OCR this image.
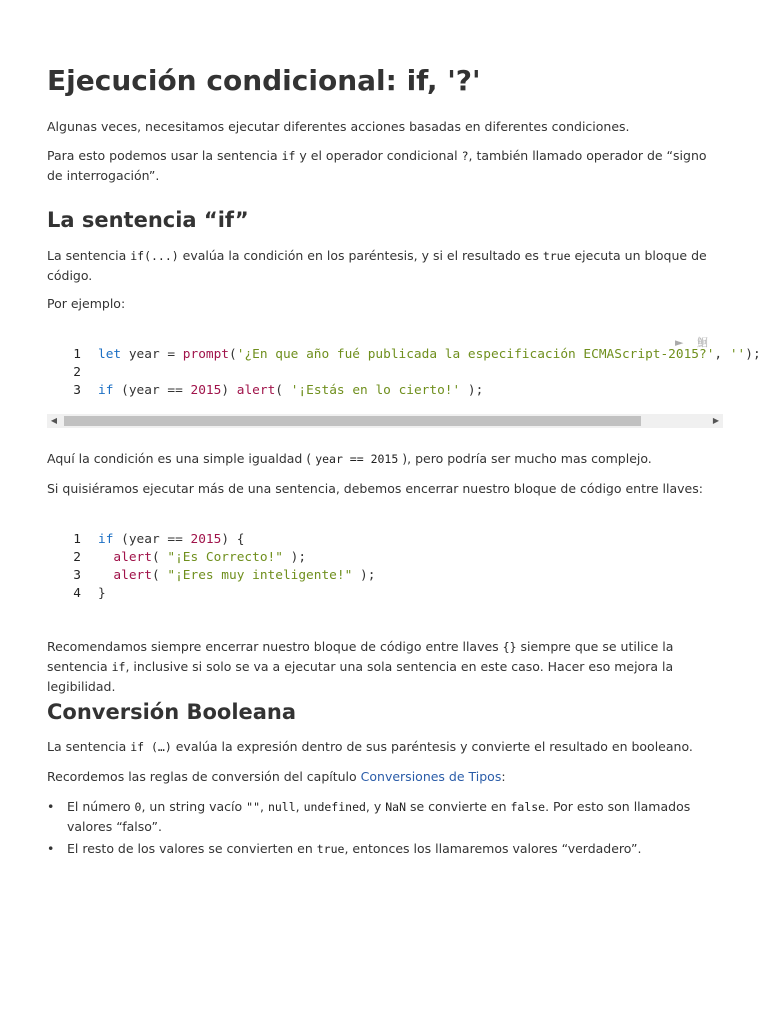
Ejecución condicional: if, '?'

Algunas veces, necesitamos ejecutar diferentes acciones basadas en diferentes condiciones.

Para esto podemos usar la sentencia if y el operador condicional ?, también llamado operador de “signo de interrogación”.

La sentencia “if”

La sentencia if(...) evalúa la condición en los paréntesis, y si el resultado es true ejecuta un bloque de código.

Por ejemplo:

► 鮰
1 let year = prompt('¿En que año fué publicada la especificación ECMAScript-2015?', '');
2
3 if (year == 2015) alert( '¡Estás en lo cierto!' );
◀	▶

Aquí la condición es una simple igualdad ( year == 2015 ), pero podría ser mucho mas complejo.

Si quisiéramos ejecutar más de una sentencia, debemos encerrar nuestro bloque de código entre llaves:

1 if (year == 2015) {
2	alert( "¡Es Correcto!" );
3	alert( "¡Eres muy inteligente!" );
4 }

Recomendamos siempre encerrar nuestro bloque de código entre llaves {} siempre que se utilice la sentencia if, inclusive si solo se va a ejecutar una sola sentencia en este caso. Hacer eso mejora la legibilidad.

Conversión Booleana

La sentencia if (…) evalúa la expresión dentro de sus paréntesis y convierte el resultado en booleano.

Recordemos las reglas de conversión del capítulo Conversiones de Tipos:

• El número 0, un string vacío "", null, undefined, y NaN se convierte en false. Por esto son llamados valores “falso”.
• El resto de los valores se convierten en true, entonces los llamaremos valores “verdadero”.
